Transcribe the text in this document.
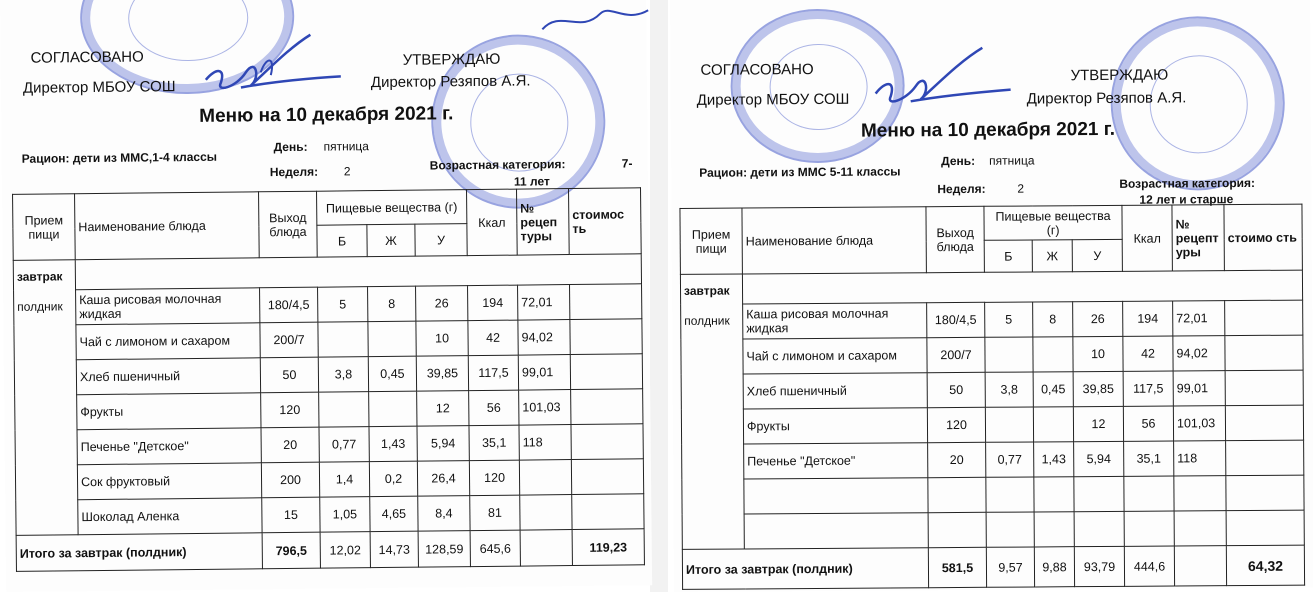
СОГЛАСОВАНО
Директор МБОУ СОШ
УТВЕРЖДАЮ
Директор Резяпов А.Я.
Меню на 10 декабря 2021 г.
День: пятница
Рацион: дети из ММС,1-4 классы
Неделя: 2	Возрастная категория:	7-
11 лет
Прием пищи	Наименование блюда	Выход блюда	Пищевые вещества (г)			Ккал	№ рецеп туры	стоимос ть
			Б	Ж	У			

завтрак
полдник								

	Каша рисовая молочная жидкая	180/4,5	5	8	26	194	72,01	
	Чай с лимоном и сахаром	200/7			10	42	94,02	
	Хлеб пшеничный	50	3,8	0,45	39,85	117,5	99,01	
	Фрукты	120			12	56	101,03	
	Печенье "Детское"	20	0,77	1,43	5,94	35,1	118	
	Сок фруктовый	200	1,4	0,2	26,4	120		
	Шоколад Аленка	15	1,05	4,65	8,4	81		
Итого за завтрак (полдник)		796,5	12,02	14,73	128,59	645,6		119,23
СОГЛАСОВАНО
Директор МБОУ СОШ
УТВЕРЖДАЮ
Директор Резяпов А.Я.
Меню на 10 декабря 2021 г.
День: пятница
Рацион: дети из ММС 5-11 классы
Неделя:	2	Возрастная категория:
12 лет и старше
Прием пищи	Наименование блюда	Выход блюда	Пищевые вещества (г)			Ккал	№ рецепт уры	стоимо сть
			Б	Ж	У			

завтрак
полдник								

	Каша рисовая молочная жидкая	180/4,5	5	8	26	194	72,01	
	Чай с лимоном и сахаром	200/7			10	42	94,02	
	Хлеб пшеничный	50	3,8	0,45	39,85	117,5	99,01	
	Фрукты	120			12	56	101,03	
	Печенье "Детское"	20	0,77	1,43	5,94	35,1	118	

Итого за завтрак (полдник)		581,5	9,57	9,88	93,79	444,6		64,32
